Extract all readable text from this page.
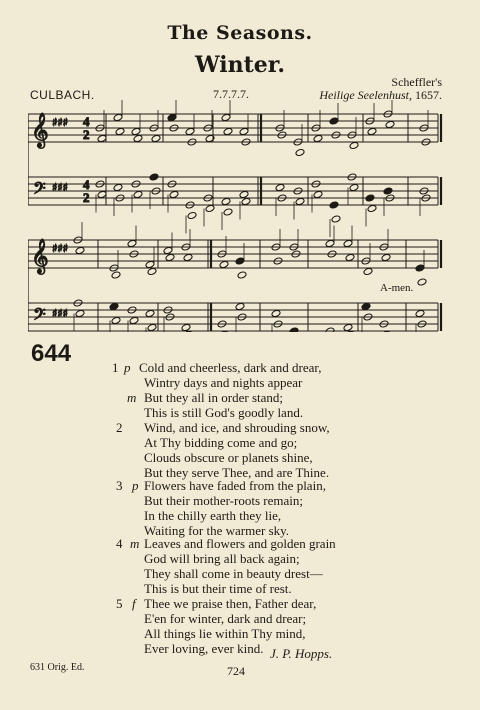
The Seasons.
Winter.
CULBACH.	7.7.7.7.
Scheffler's
Heilige Seelenhust, 1657.
𝄞 ♯♯♯
♯♯♯
𝄢
4
4
2
2
𝄞 ♯♯♯
♯♯♯
𝄢
A-men.
644
1 p Cold and cheerless, dark and drear,
Wintry days and nights appear
m But they all in order stand;
This is still God's goodly land.
2	Wind, and ice, and shrouding snow,
At Thy bidding come and go;
Clouds obscure or planets shine,
But they serve Thee, and are Thine.
3 p Flowers have faded from the plain,
But their mother-roots remain;
In the chilly earth they lie,
Waiting for the warmer sky.
4 m Leaves and flowers and golden grain
God will bring all back again;
They shall come in beauty drest—
This is but their time of rest.
5 f Thee we praise then, Father dear,
E'en for winter, dark and drear;
All things lie within Thy mind,
Ever loving, ever kind. J. P. Hopps.
631 Orig. Ed.	724
